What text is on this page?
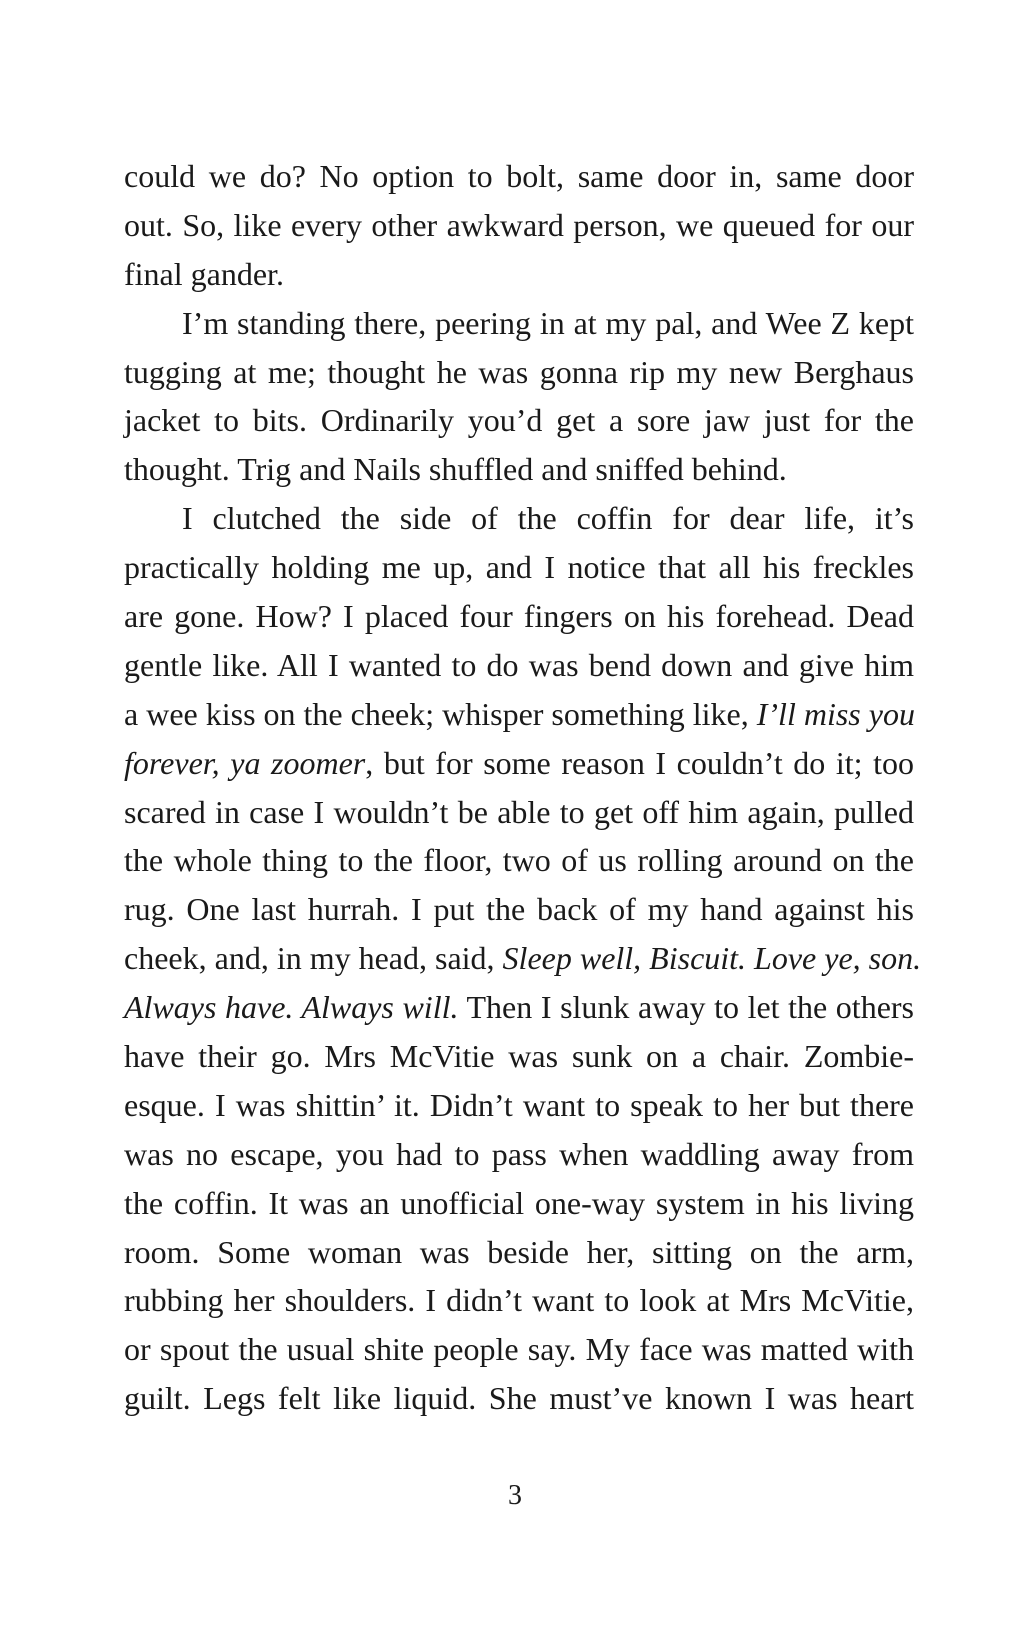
could we do? No option to bolt, same door in, same door
out. So, like every other awkward person, we queued for our
final gander.
I’m standing there, peering in at my pal, and Wee Z kept
tugging at me; thought he was gonna rip my new Berghaus
jacket to bits. Ordinarily you’d get a sore jaw just for the
thought. Trig and Nails shuffled and sniffed behind.
I clutched the side of the coffin for dear life, it’s
practically holding me up, and I notice that all his freckles
are gone. How? I placed four fingers on his forehead. Dead
gentle like. All I wanted to do was bend down and give him
a wee kiss on the cheek; whisper something like, I’ll miss you
forever, ya zoomer, but for some reason I couldn’t do it; too
scared in case I wouldn’t be able to get off him again, pulled
the whole thing to the floor, two of us rolling around on the
rug. One last hurrah. I put the back of my hand against his
cheek, and, in my head, said, Sleep well, Biscuit. Love ye, son.
Always have. Always will. Then I slunk away to let the others
have their go. Mrs McVitie was sunk on a chair. Zombie-
esque. I was shittin’ it. Didn’t want to speak to her but there
was no escape, you had to pass when waddling away from
the coffin. It was an unofficial one-way system in his living
room. Some woman was beside her, sitting on the arm,
rubbing her shoulders. I didn’t want to look at Mrs McVitie,
or spout the usual shite people say. My face was matted with
guilt. Legs felt like liquid. She must’ve known I was heart
3
